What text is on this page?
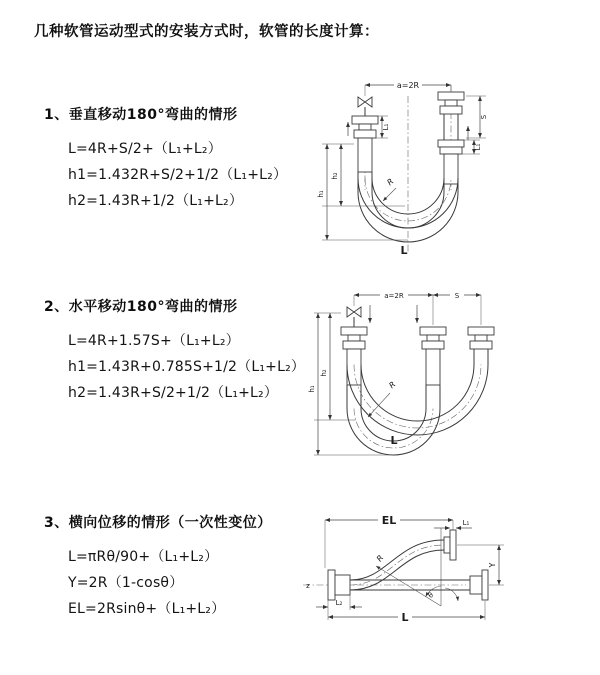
几种软管运动型式的安装方式时，软管的长度计算：
1、垂直移动180°弯曲的情形
L=4R+S/2+（L₁+L₂）
h1=1.432R+S/2+1/2（L₁+L₂）
h2=1.43R+1/2（L₁+L₂）
a=2R
h₁
h₂
L₁
S
L₁
R
L
2、水平移动180°弯曲的情形
L=4R+1.57S+（L₁+L₂）
h1=1.43R+0.785S+1/2（L₁+L₂）
h2=1.43R+S/2+1/2（L₁+L₂）
a=2R	S
h₁
h₂
R
L
3、横向位移的情形（一次性变位）
L=πRθ/90+（L₁+L₂）
Y=2R（1-cosθ）
EL=2Rsinθ+（L₁+L₂）
EL	L₁
θ
R
z
Y
L₂
L
